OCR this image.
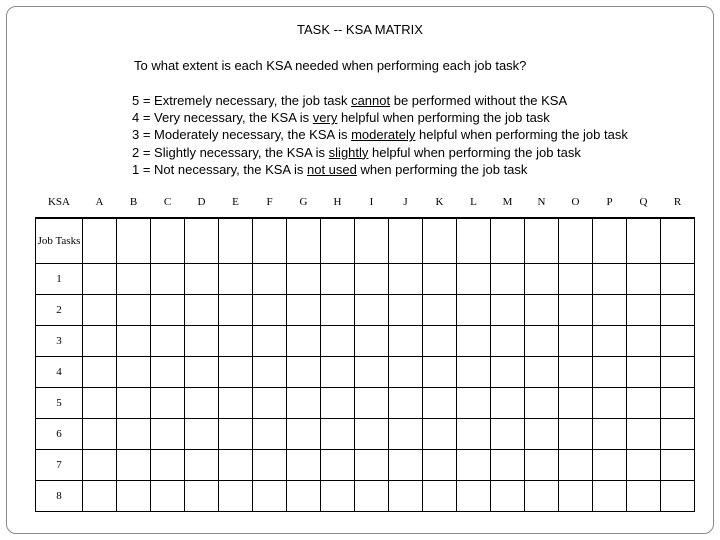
TASK -- KSA MATRIX
To what extent is each KSA needed when performing each job task?

5 = Extremely necessary, the job task cannot be performed without the KSA

4 = Very necessary, the KSA is very helpful when performing the job task

3 = Moderately necessary, the KSA is moderately helpful when performing the job task

2 = Slightly necessary, the KSA is slightly helpful when performing the job task

1 = Not necessary, the KSA is not used when performing the job task

KSA	A	B	C	D	E	F	G	H	I	J	K	L	M	N	O	P	Q	R
Job Tasks																		
1																		
2																		
3																		
4																		
5																		
6																		
7																		
8																		
